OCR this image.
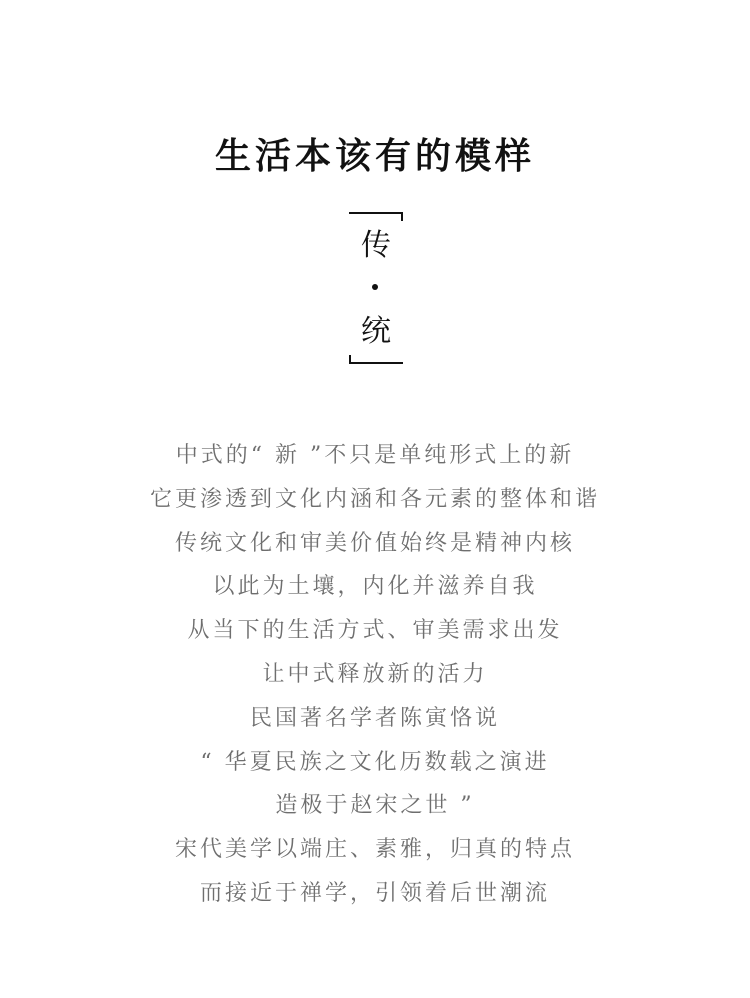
生活本该有的模样
传
统
中式的“ 新 ”不只是单纯形式上的新
它更渗透到文化内涵和各元素的整体和谐
传统文化和审美价值始终是精神内核
以此为土壤，内化并滋养自我
从当下的生活方式、审美需求出发
让中式释放新的活力
民国著名学者陈寅恪说
“ 华夏民族之文化历数载之演进
造极于赵宋之世 ”
宋代美学以端庄、素雅，归真的特点
而接近于禅学，引领着后世潮流
